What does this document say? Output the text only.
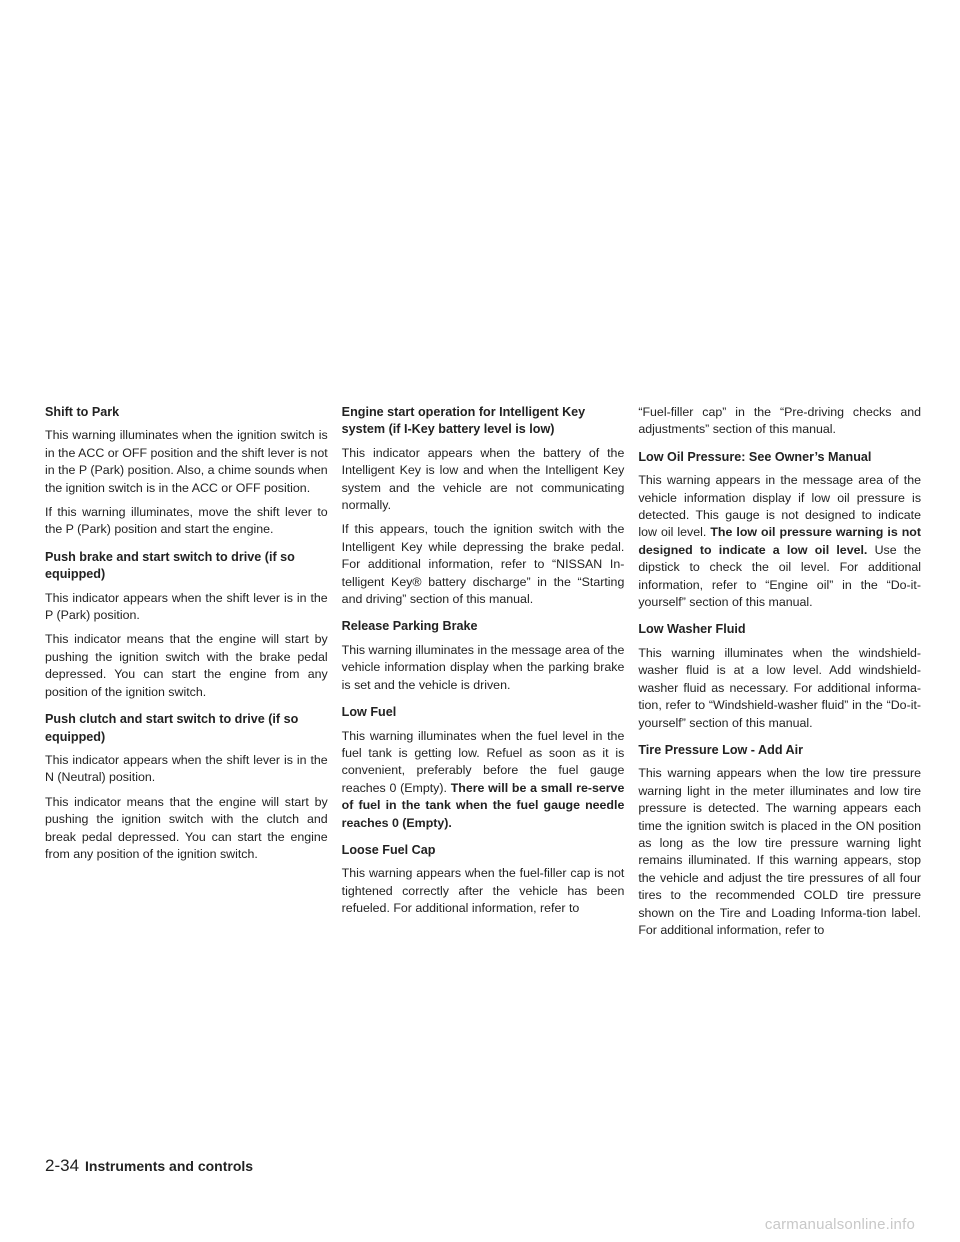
Shift to Park

This warning illuminates when the ignition switch is in the ACC or OFF position and the shift lever is not in the P (Park) position. Also, a chime sounds when the ignition switch is in the ACC or OFF position.

If this warning illuminates, move the shift lever to the P (Park) position and start the engine.

Push brake and start switch to drive (if so equipped)

This indicator appears when the shift lever is in the P (Park) position.

This indicator means that the engine will start by pushing the ignition switch with the brake pedal depressed. You can start the engine from any position of the ignition switch.

Push clutch and start switch to drive (if so equipped)

This indicator appears when the shift lever is in the N (Neutral) position.

This indicator means that the engine will start by pushing the ignition switch with the clutch and break pedal depressed. You can start the engine from any position of the ignition switch.

Engine start operation for Intelligent Key system (if I-Key battery level is low)

This indicator appears when the battery of the Intelligent Key is low and when the Intelligent Key system and the vehicle are not communicating normally.

If this appears, touch the ignition switch with the Intelligent Key while depressing the brake pedal. For additional information, refer to “NISSAN In-telligent Key® battery discharge” in the “Starting and driving” section of this manual.

Release Parking Brake

This warning illuminates in the message area of the vehicle information display when the parking brake is set and the vehicle is driven.

Low Fuel

This warning illuminates when the fuel level in the fuel tank is getting low. Refuel as soon as it is convenient, preferably before the fuel gauge reaches 0 (Empty). There will be a small re-serve of fuel in the tank when the fuel gauge needle reaches 0 (Empty).

Loose Fuel Cap

This warning appears when the fuel-filler cap is not tightened correctly after the vehicle has been refueled. For additional information, refer to

“Fuel-filler cap” in the “Pre-driving checks and adjustments” section of this manual.

Low Oil Pressure: See Owner’s Manual

This warning appears in the message area of the vehicle information display if low oil pressure is detected. This gauge is not designed to indicate low oil level. The low oil pressure warning is not designed to indicate a low oil level. Use the dipstick to check the oil level. For additional information, refer to “Engine oil” in the “Do-it-yourself” section of this manual.

Low Washer Fluid

This warning illuminates when the windshield-washer fluid is at a low level. Add windshield-washer fluid as necessary. For additional informa-tion, refer to “Windshield-washer fluid” in the “Do-it-yourself” section of this manual.

Tire Pressure Low - Add Air

This warning appears when the low tire pressure warning light in the meter illuminates and low tire pressure is detected. The warning appears each time the ignition switch is placed in the ON position as long as the low tire pressure warning light remains illuminated. If this warning appears, stop the vehicle and adjust the tire pressures of all four tires to the recommended COLD tire pressure shown on the Tire and Loading Informa-tion label. For additional information, refer to

2-34 Instruments and controls
carmanualsonline.info
